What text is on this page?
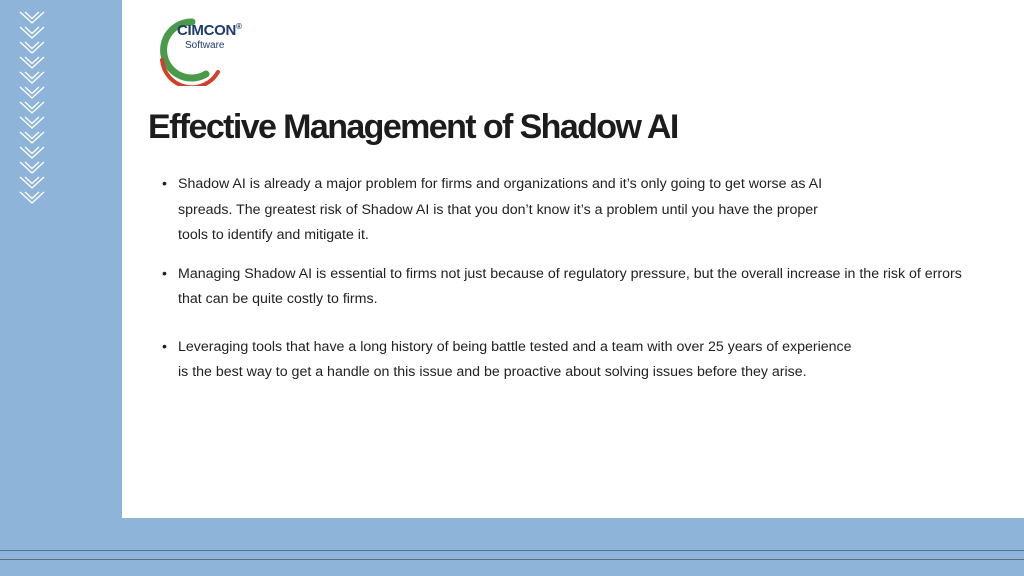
CIMCON®
Software
Effective Management of Shadow AI
• Shadow AI is already a major problem for firms and organizations and it’s only going to get worse as AI spreads. The greatest risk of Shadow AI is that you don’t know it’s a problem until you have the proper tools to identify and mitigate it.
• Managing Shadow AI is essential to firms not just because of regulatory pressure, but the overall increase in the risk of errors that can be quite costly to firms.
• Leveraging tools that have a long history of being battle tested and a team with over 25 years of experience is the best way to get a handle on this issue and be proactive about solving issues before they arise.
